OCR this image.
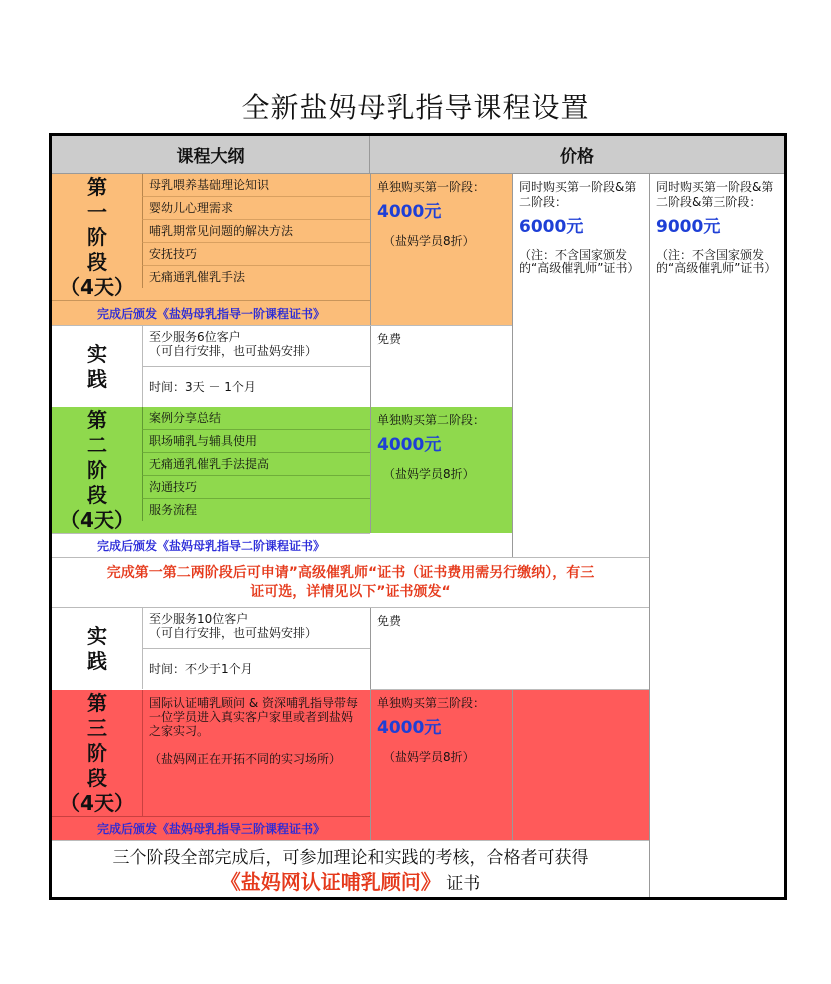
全新盐妈母乳指导课程设置
课程大纲	价格
第
一
阶
段
（4天）
母乳喂养基础理论知识
婴幼儿心理需求
哺乳期常见问题的解决方法
安抚技巧
无痛通乳催乳手法
完成后颁发《盐妈母乳指导一阶课程证书》
单独购买第一阶段：
4000元
（盐妈学员8折）
同时购买第一阶段&第二阶段：
6000元
（注：不含国家颁发的“高级催乳师”证书）
同时购买第一阶段&第二阶段&第三阶段：
9000元
（注：不含国家颁发的“高级催乳师”证书）
实
践
至少服务6位客户
（可自行安排，也可盐妈安排）
时间：3天 － 1个月
免费
第
二
阶
段
（4天）
案例分享总结
职场哺乳与辅具使用
无痛通乳催乳手法提高
沟通技巧
服务流程
完成后颁发《盐妈母乳指导二阶课程证书》
单独购买第二阶段：
4000元
（盐妈学员8折）
完成第一第二两阶段后可申请”高级催乳师“证书（证书费用需另行缴纳），有三
证可选，详情见以下”证书颁发“
实
践
至少服务10位客户
（可自行安排，也可盐妈安排）
时间：不少于1个月
免费
第
三
阶
段
（4天）
国际认证哺乳顾问 & 资深哺乳指导带每一位学员进入真实客户家里或者到盐妈之家实习。
（盐妈网正在开拓不同的实习场所）
完成后颁发《盐妈母乳指导三阶课程证书》
单独购买第三阶段：
4000元
（盐妈学员8折）
三个阶段全部完成后，可参加理论和实践的考核，合格者可获得
《盐妈网认证哺乳顾问》 证书
